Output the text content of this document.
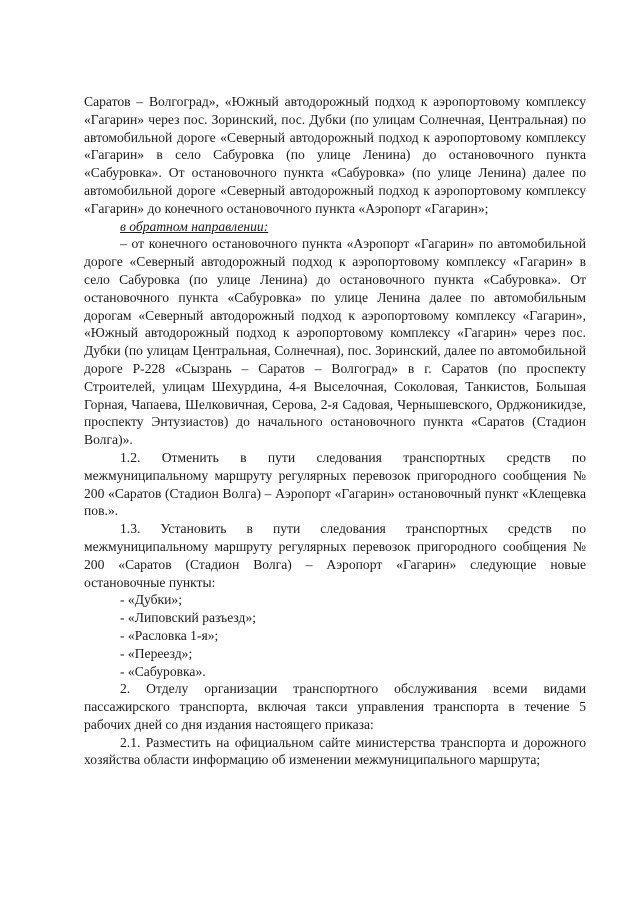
Саратов – Волгоград», «Южный автодорожный подход к аэропортовому комплексу «Гагарин» через пос. Зоринский, пос. Дубки (по улицам Солнечная, Центральная) по автомобильной дороге «Северный автодорожный подход к аэропортовому комплексу «Гагарин» в село Сабуровка (по улице Ленина) до остановочного пункта «Сабуровка». От остановочного пункта «Сабуровка» (по улице Ленина) далее по автомобильной дороге «Северный автодорожный подход к аэропортовому комплексу «Гагарин» до конечного остановочного пункта «Аэропорт «Гагарин»;

в обратном направлении:

– от конечного остановочного пункта «Аэропорт «Гагарин» по автомобильной дороге «Северный автодорожный подход к аэропортовому комплексу «Гагарин» в село Сабуровка (по улице Ленина) до остановочного пункта «Сабуровка». От остановочного пункта «Сабуровка» по улице Ленина далее по автомобильным дорогам «Северный автодорожный подход к аэропортовому комплексу «Гагарин», «Южный автодорожный подход к аэропортовому комплексу «Гагарин» через пос. Дубки (по улицам Центральная, Солнечная), пос. Зоринский, далее по автомобильной дороге Р-228 «Сызрань – Саратов – Волгоград» в г. Саратов (по проспекту Строителей, улицам Шехурдина, 4-я Выселочная, Соколовая, Танкистов, Большая Горная, Чапаева, Шелковичная, Серова, 2-я Садовая, Чернышевского, Орджоникидзе, проспекту Энтузиастов) до начального остановочного пункта «Саратов (Стадион Волга)».

1.2. Отменить в пути следования транспортных средств по межмуниципальному маршруту регулярных перевозок пригородного сообщения № 200 «Саратов (Стадион Волга) – Аэропорт «Гагарин» остановочный пункт «Клещевка пов.».

1.3. Установить в пути следования транспортных средств по межмуниципальному маршруту регулярных перевозок пригородного сообщения № 200 «Саратов (Стадион Волга) – Аэропорт «Гагарин» следующие новые остановочные пункты:

- «Дубки»;

- «Липовский разъезд»;

- «Расловка 1-я»;

- «Переезд»;

- «Сабуровка».

2. Отделу организации транспортного обслуживания всеми видами пассажирского транспорта, включая такси управления транспорта в течение 5 рабочих дней со дня издания настоящего приказа:

2.1. Разместить на официальном сайте министерства транспорта и дорожного хозяйства области информацию об изменении межмуниципального маршрута;
